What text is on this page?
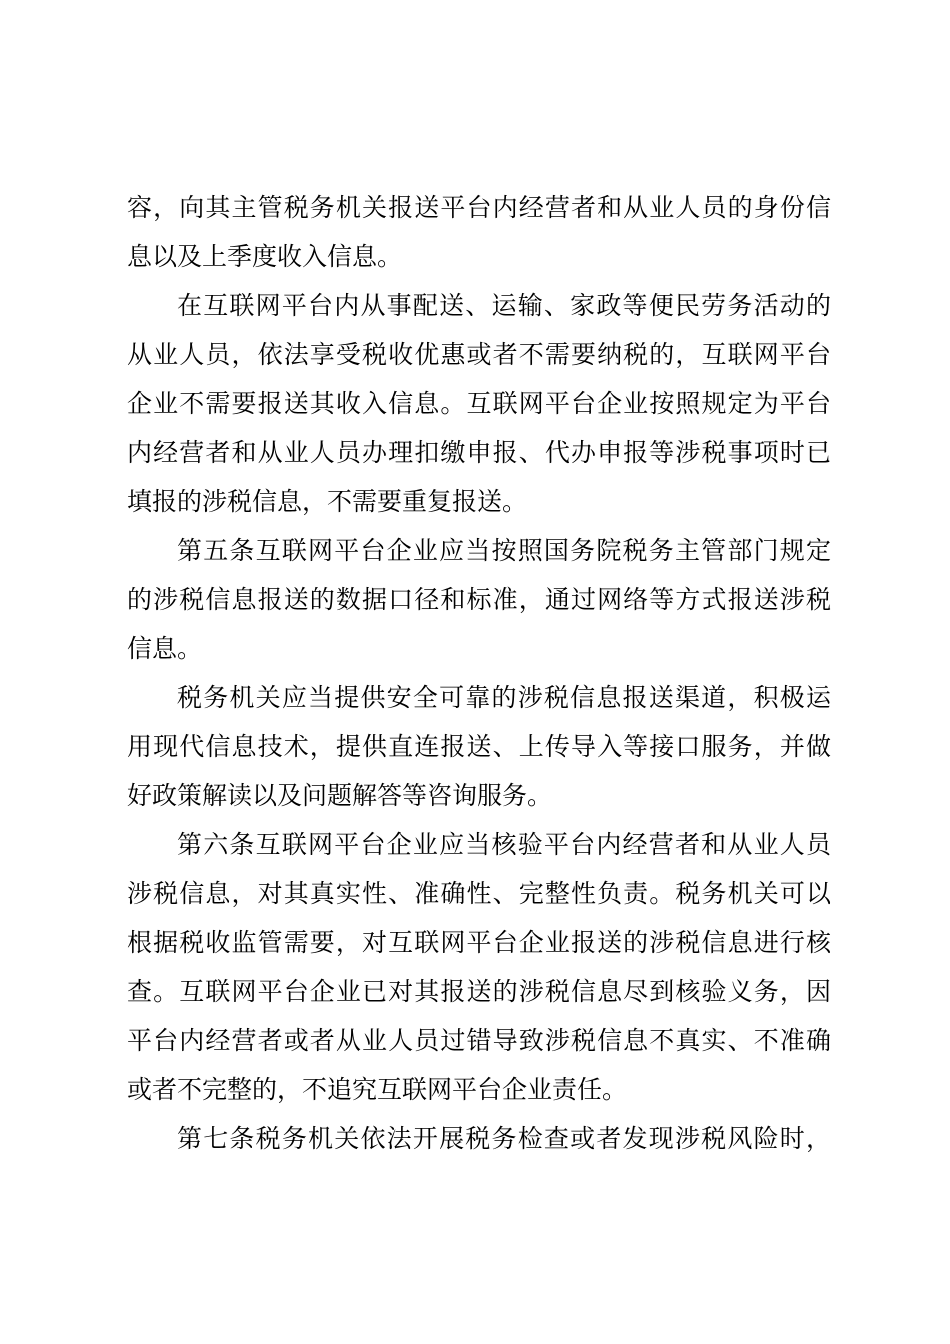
容，向其主管税务机关报送平台内经营者和从业人员的身份信
息以及上季度收入信息。
在互联网平台内从事配送、运输、家政等便民劳务活动的
从业人员，依法享受税收优惠或者不需要纳税的，互联网平台
企业不需要报送其收入信息。互联网平台企业按照规定为平台
内经营者和从业人员办理扣缴申报、代办申报等涉税事项时已
填报的涉税信息，不需要重复报送。
第五条互联网平台企业应当按照国务院税务主管部门规定
的涉税信息报送的数据口径和标准，通过网络等方式报送涉税
信息。
税务机关应当提供安全可靠的涉税信息报送渠道，积极运
用现代信息技术，提供直连报送、上传导入等接口服务，并做
好政策解读以及问题解答等咨询服务。
第六条互联网平台企业应当核验平台内经营者和从业人员
涉税信息，对其真实性、准确性、完整性负责。税务机关可以
根据税收监管需要，对互联网平台企业报送的涉税信息进行核
查。互联网平台企业已对其报送的涉税信息尽到核验义务，因
平台内经营者或者从业人员过错导致涉税信息不真实、不准确
或者不完整的，不追究互联网平台企业责任。
第七条税务机关依法开展税务检查或者发现涉税风险时，
